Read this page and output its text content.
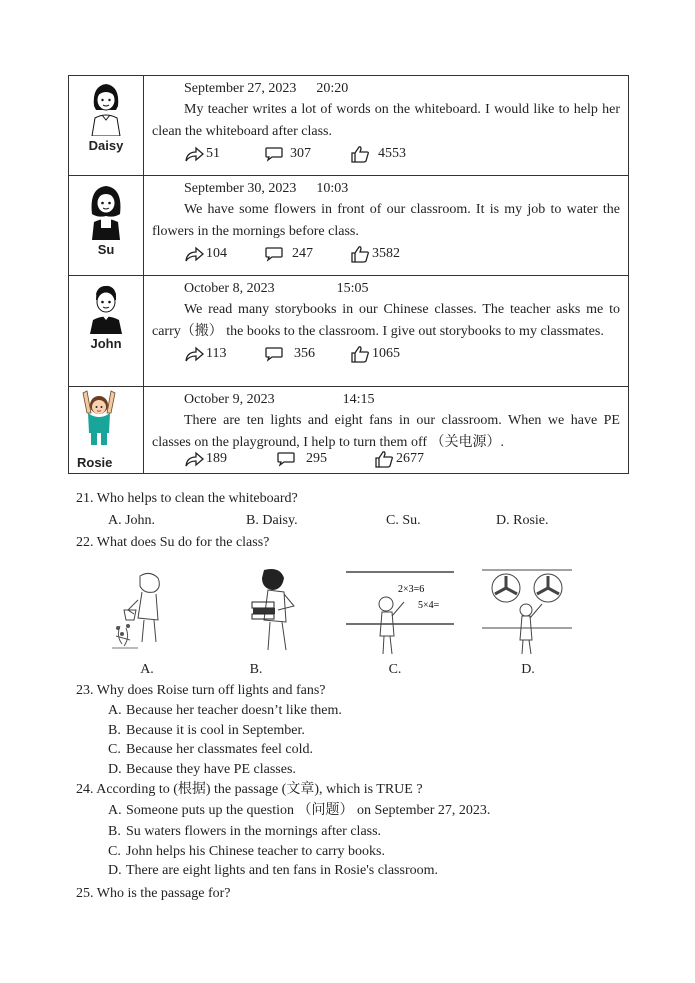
Daisy	September 27, 2023 20:20

My teacher writes a lot of words on the whiteboard. I would like to help her clean the whiteboard after class.

51 307 4553

Su	September 30, 2023 10:03

We have some flowers in front of our classroom. It is my job to water the flowers in the mornings before class.

104 247 3582

John	October 8, 2023 15:05

We read many storybooks in our Chinese classes. The teacher asks me to carry（搬） the books to the classroom. I give out storybooks to my classmates.

113 356 1065

Rosie	October 9, 2023 14:15

There are ten lights and eight fans in our classroom. When we have PE classes on the playground, I help to turn them off （关电源）.

189 295 2677

21. Who helps to clean the whiteboard?

A. John.	B. Daisy.	C. Su.	D. Rosie.

22. What does Su do for the class?

A.	B.
2×3=6
5×4=
C.	D.

23. Why does Roise turn off lights and fans?

A. Because her teacher doesn’t like them.

B. Because it is cool in September.

C. Because her classmates feel cold.

D. Because they have PE classes.

24. According to (根据) the passage (文章), which is TRUE ?

A. Someone puts up the question （问题） on September 27, 2023.

B. Su waters flowers in the mornings after class.

C. John helps his Chinese teacher to carry books.

D. There are eight lights and ten fans in Rosie's classroom.

25. Who is the passage for?
